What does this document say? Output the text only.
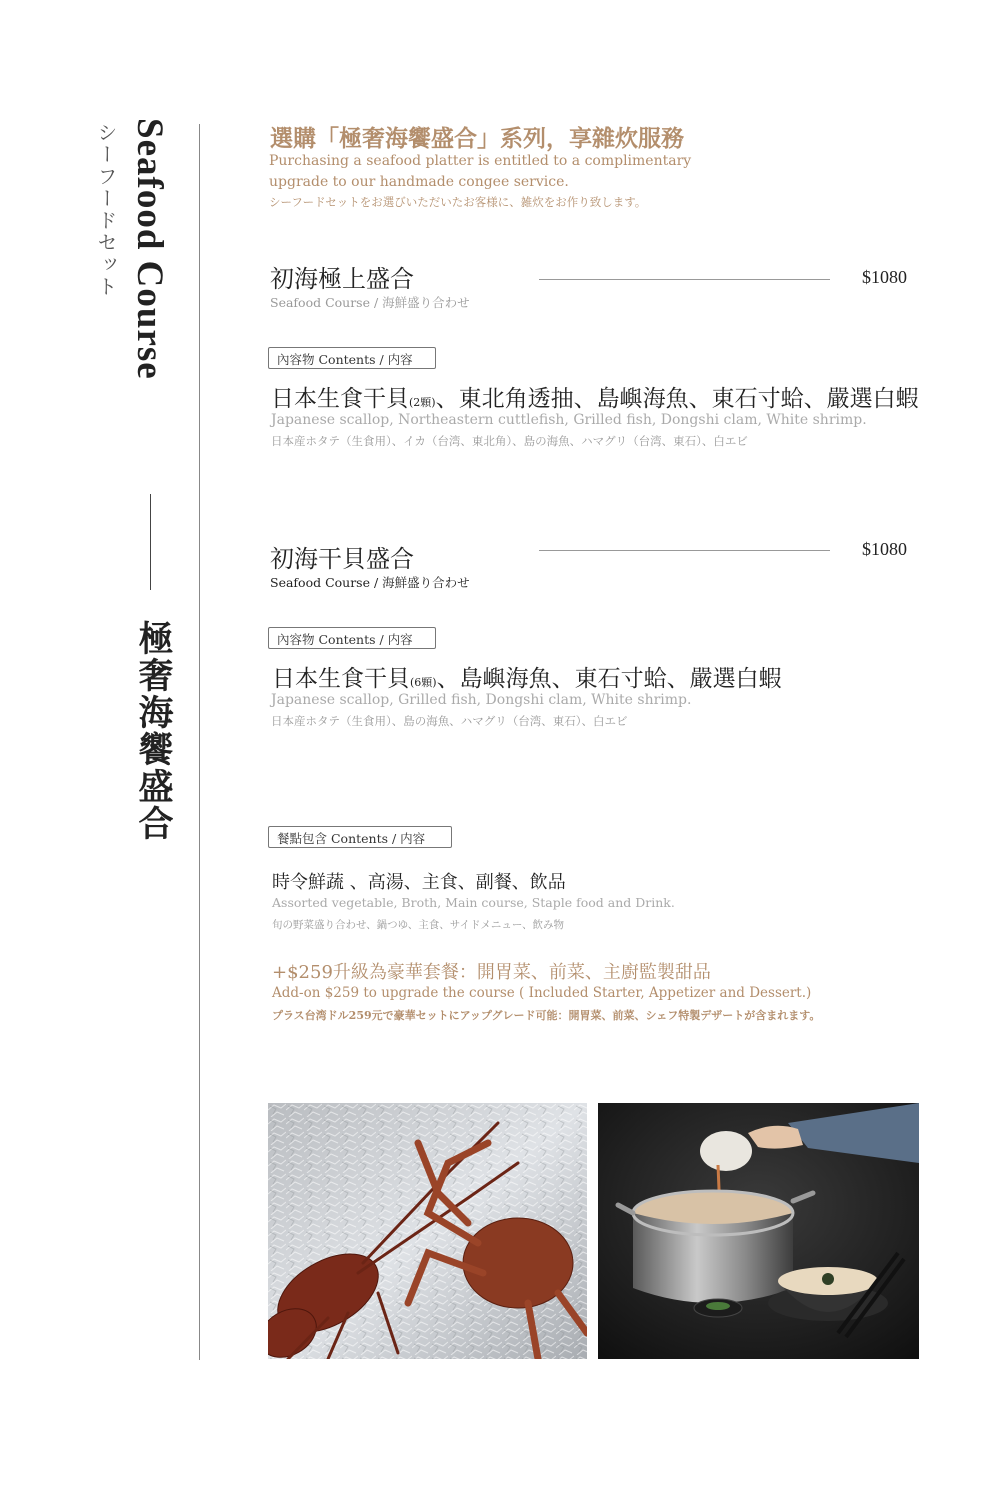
シーフードセット Seafood Course
極奢海饗盛合
選購「極奢海饗盛合」系列，享雜炊服務
Purchasing a seafood platter is entitled to a complimentary upgrade to our handmade congee service.
シーフードセットをお選びいただいたお客様に、雑炊をお作り致します。
初海極上盛合
Seafood Course / 海鮮盛り合わせ
$1080
內容物 Contents / 内容
日本生食干貝(2顆)、東北角透抽、島嶼海魚、東石寸蛤、嚴選白蝦
Japanese scallop, Northeastern cuttlefish, Grilled fish, Dongshi clam, White shrimp.
日本産ホタテ（生食用）、イカ（台湾、東北角）、島の海魚、ハマグリ（台湾、東石）、白エビ
初海干貝盛合
Seafood Course / 海鮮盛り合わせ
$1080
內容物 Contents / 内容
日本生食干貝(6顆)、島嶼海魚、東石寸蛤、嚴選白蝦
Japanese scallop, Grilled fish, Dongshi clam, White shrimp.
日本産ホタテ（生食用）、島の海魚、ハマグリ（台湾、東石）、白エビ
餐點包含 Contents / 内容
時令鮮蔬 、高湯、主食、副餐、飲品
Assorted vegetable, Broth, Main course, Staple food and Drink.
旬の野菜盛り合わせ、鍋つゆ、主食、サイドメニュー、飲み物
+$259升級為豪華套餐：開胃菜、前菜、主廚監製甜品
Add-on $259 to upgrade the course ( Included Starter, Appetizer and Dessert.)
プラス台湾ドル259元で豪華セットにアップグレード可能：開胃菜、前菜、シェフ特製デザートが含まれます。
